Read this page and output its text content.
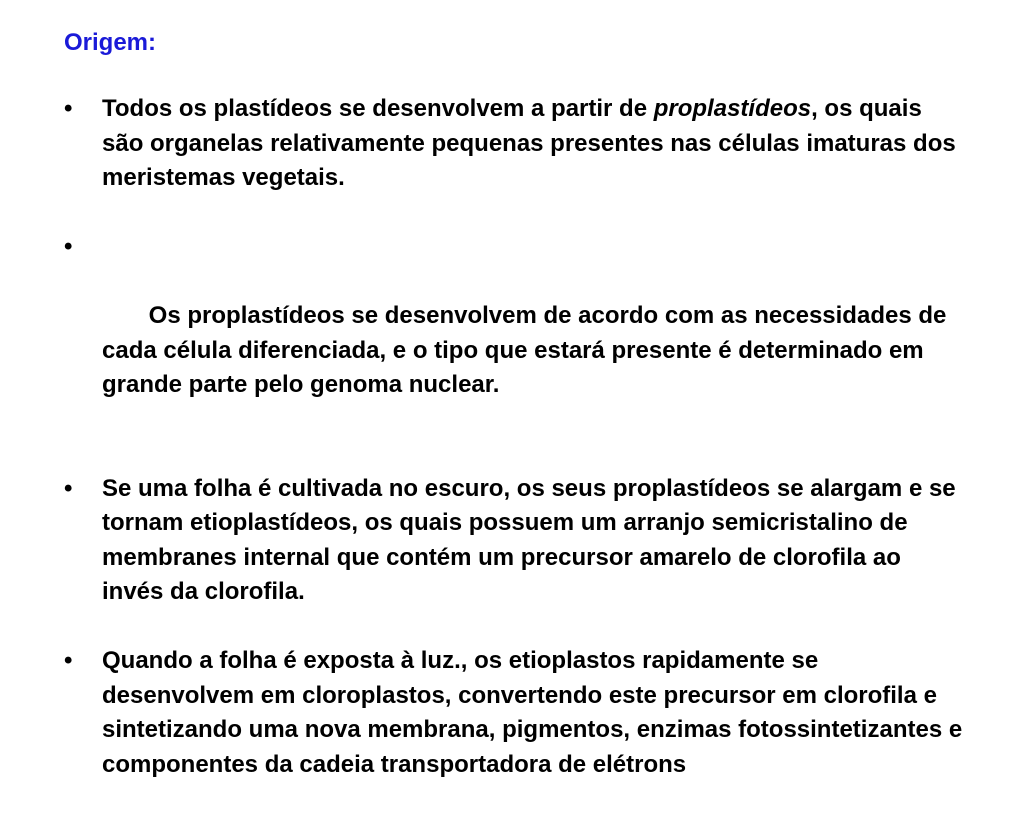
Origem:
•	Todos os plastídeos se desenvolvem a partir de proplastídeos, os quais são organelas relativamente pequenas presentes nas células imaturas dos meristemas vegetais.

•

Os proplastídeos se desenvolvem de acordo com as necessidades de cada célula diferenciada, e o tipo que estará presente é determinado em grande parte pelo genoma nuclear.

•	Se uma folha é cultivada no escuro, os seus proplastídeos se alargam e se tornam etioplastídeos, os quais possuem um arranjo semicristalino de membranes internal que contém um precursor amarelo de clorofila ao invés da clorofila.
•	Quando a folha é exposta à luz., os etioplastos rapidamente se desenvolvem em cloroplastos, convertendo este precursor em clorofila e sintetizando uma nova membrana, pigmentos, enzimas fotossintetizantes e componentes da cadeia transportadora de elétrons
